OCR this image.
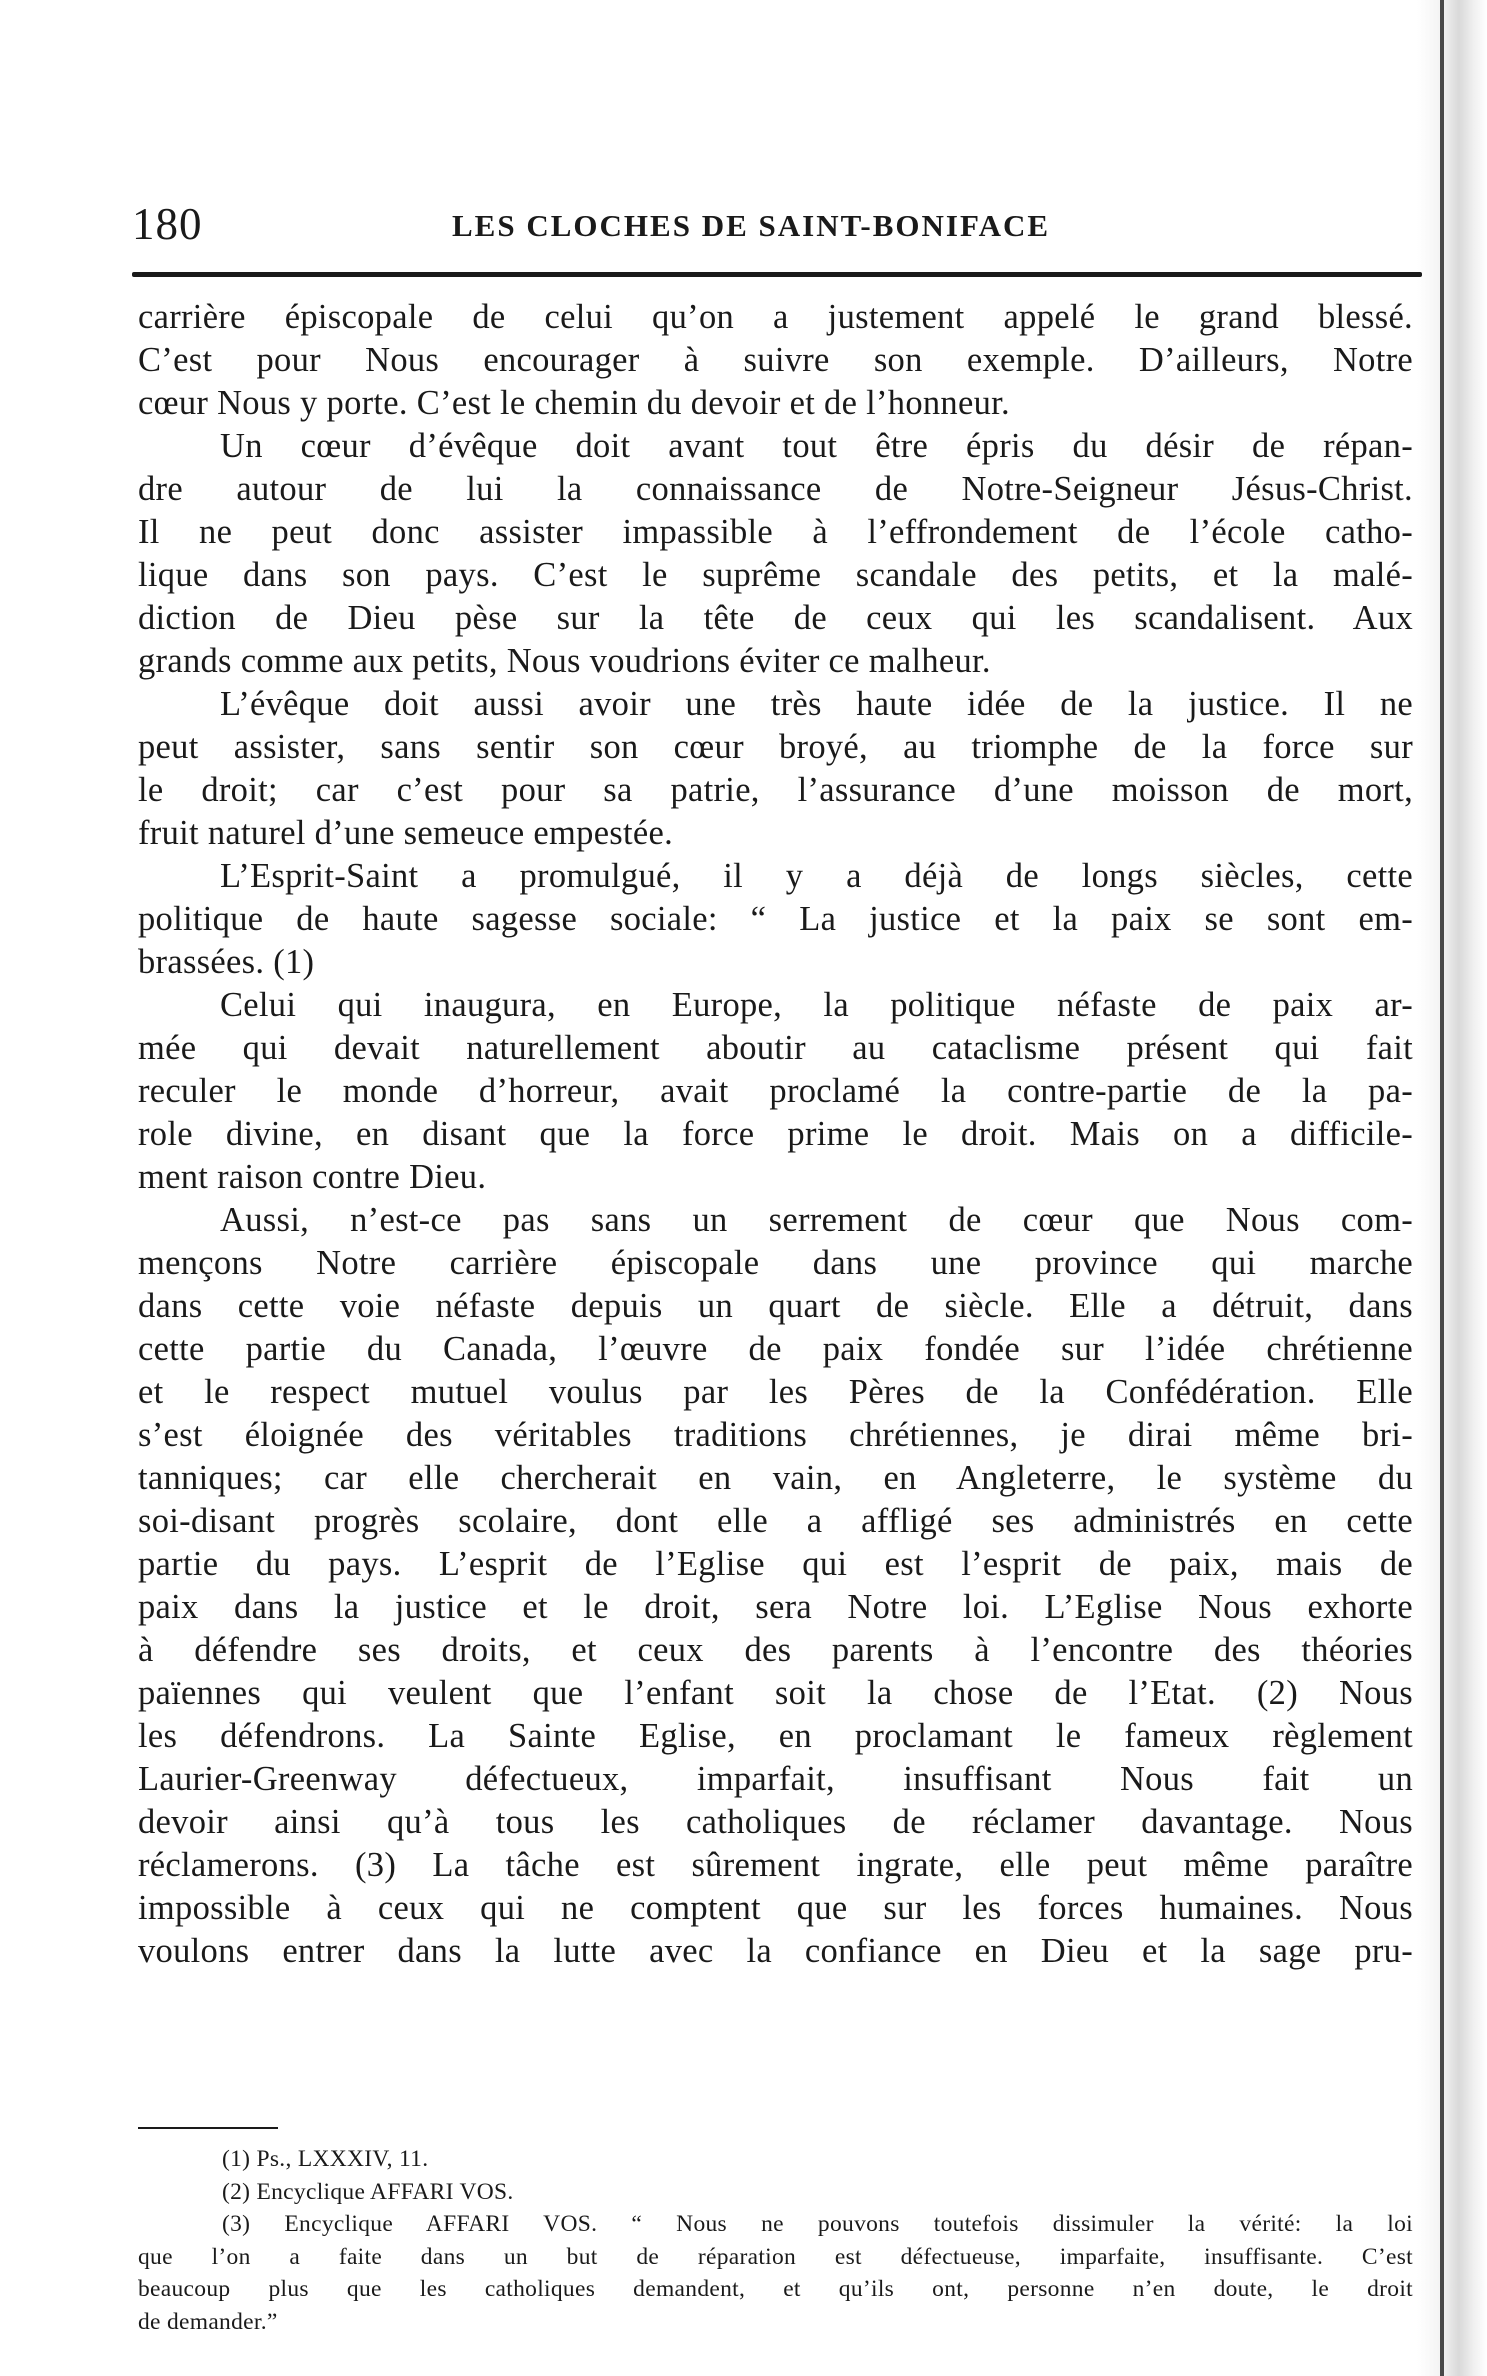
180	LES CLOCHES DE SAINT-BONIFACE
carrière épiscopale de celui qu’on a justement appelé le grand blessé.
C’est pour Nous encourager à suivre son exemple. D’ailleurs, Notre
cœur Nous y porte. C’est le chemin du devoir et de l’honneur.
Un cœur d’évêque doit avant tout être épris du désir de répan-
dre autour de lui la connaissance de Notre-Seigneur Jésus-Christ.
Il ne peut donc assister impassible à l’effrondement de l’école catho-
lique dans son pays. C’est le suprême scandale des petits, et la malé-
diction de Dieu pèse sur la tête de ceux qui les scandalisent. Aux
grands comme aux petits, Nous voudrions éviter ce malheur.
L’évêque doit aussi avoir une très haute idée de la justice. Il ne
peut assister, sans sentir son cœur broyé, au triomphe de la force sur
le droit; car c’est pour sa patrie, l’assurance d’une moisson de mort,
fruit naturel d’une semeuce empestée.
L’Esprit-Saint a promulgué, il y a déjà de longs siècles, cette
politique de haute sagesse sociale: “ La justice et la paix se sont em-
brassées. (1)
Celui qui inaugura, en Europe, la politique néfaste de paix ar-
mée qui devait naturellement aboutir au cataclisme présent qui fait
reculer le monde d’horreur, avait proclamé la contre-partie de la pa-
role divine, en disant que la force prime le droit. Mais on a difficile-
ment raison contre Dieu.
Aussi, n’est-ce pas sans un serrement de cœur que Nous com-
mençons Notre carrière épiscopale dans une province qui marche
dans cette voie néfaste depuis un quart de siècle. Elle a détruit, dans
cette partie du Canada, l’œuvre de paix fondée sur l’idée chrétienne
et le respect mutuel voulus par les Pères de la Confédération. Elle
s’est éloignée des véritables traditions chrétiennes, je dirai même bri-
tanniques; car elle chercherait en vain, en Angleterre, le système du
soi-disant progrès scolaire, dont elle a affligé ses administrés en cette
partie du pays. L’esprit de l’Eglise qui est l’esprit de paix, mais de
paix dans la justice et le droit, sera Notre loi. L’Eglise Nous exhorte
à défendre ses droits, et ceux des parents à l’encontre des théories
païennes qui veulent que l’enfant soit la chose de l’Etat. (2) Nous
les défendrons. La Sainte Eglise, en proclamant le fameux règlement
Laurier-Greenway défectueux, imparfait, insuffisant Nous fait un
devoir ainsi qu’à tous les catholiques de réclamer davantage. Nous
réclamerons. (3) La tâche est sûrement ingrate, elle peut même paraître
impossible à ceux qui ne comptent que sur les forces humaines. Nous
voulons entrer dans la lutte avec la confiance en Dieu et la sage pru-
(1) Ps., LXXXIV, 11.
(2) Encyclique AFFARI VOS.
(3) Encyclique AFFARI VOS. “ Nous ne pouvons toutefois dissimuler la vérité: la loi
que l’on a faite dans un but de réparation est défectueuse, imparfaite, insuffisante. C’est
beaucoup plus que les catholiques demandent, et qu’ils ont, personne n’en doute, le droit
de demander.”
